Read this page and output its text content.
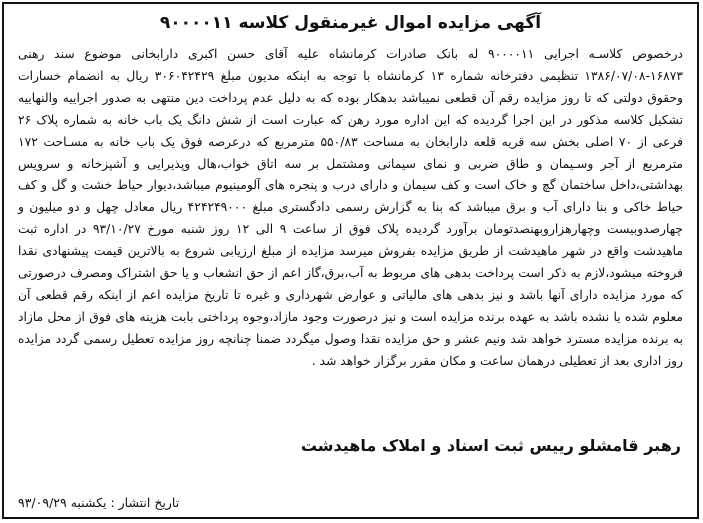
آگهی مزایده اموال غیرمنقول کلاسه ۹۰۰۰۰۱۱
درخصوص کلاسـه اجرایی ۹۰۰۰۰۱۱ له بانک صادرات کرمانشاه علیه آقای حسن اکبری دارابخانی موضوع سند رهنی ۱۶۸۷۳-۱۳۸۶/۰۷/۰۸ تنظیمی دفترخانه شماره ۱۳ کرمانشاه با توجه به اینکه مدیون مبلغ ۳۰۶۰۴۲۴۲۹ ریال به انضمام خسارات وحقوق دولتی که تا روز مزایده رقم آن قطعی نمیباشد بدهکار بوده که به دلیل عدم پرداخت دین منتهی به صدور اجراییه والنهاییه تشکیل کلاسه مذکور در این اجرا گردیده که این اداره مورد رهن که عبارت است از شش دانگ یک باب خانه به شماره پلاک ۲۶ فرعی از ۷۰ اصلی بخش سه قریه قلعه دارابخان به مساحت ۵۵۰/۸۳ مترمربع که درعرصه فوق یک باب خانه به مسـاحت ۱۷۲ مترمربع از آجر وسـیمان و طاق ضربی و نمای سیمانی ومشتمل بر سه اتاق خواب،هال وپذیرایی و آشپزخانه و سرویس بهداشتی،داخل ساختمان گچ و خاک است و کف سیمان و دارای درب و پنجره های آلومینیوم میباشد،دیوار حیاط خشت و گل و کف حیاط خاکی و بنا دارای آب و برق میباشد که بنا به گزارش رسمی دادگستری مبلغ ۴۲۴۲۴۹۰۰۰ ریال معادل چهل و دو میلیون و چهارصدوبیست وچهارهزاروبهنصدتومان برآورد گردیده پلاک فوق از ساعت ۹ الی ۱۲ روز شنبه مورخ ۹۳/۱۰/۲۷ در اداره ثبت ماهیدشت واقع در شهر ماهیدشت از طریق مزایده بفروش میرسد مزایده از مبلغ ارزیابی شروع به بالاترین قیمت پیشنهادی نقدا فروخته میشود،لازم به ذکر است پرداخت بدهی های مربوط به آب،برق،گاز اعم از حق انشعاب و یا حق اشتراک ومصرف درصورتی که مورد مزایده دارای آنها باشد و نیز بدهی های مالیاتی و عوارض شهرداری و غیره تا تاریخ مزایده اعم از اینکه رقم قطعی آن معلوم شده یا نشده باشد به عهده برنده مزایده است و نیز درصورت وجود مازاد،وجوه پرداختی بابت هزینه های فوق از محل مازاد به برنده مزایده مسترد خواهد شد ونیم عشر و حق مزایده نقدا وصول میگردد ضمنا چنانچه روز مزایده تعطیل رسمی گردد مزایده روز اداری بعد از تعطیلی درهمان ساعت و مکان مقرر برگزار خواهد شد .
رهبر قامشلو رییس ثبت اسناد و املاک ماهیدشت
تاریخ انتشار : یکشنبه ۹۳/۰۹/۲۹
